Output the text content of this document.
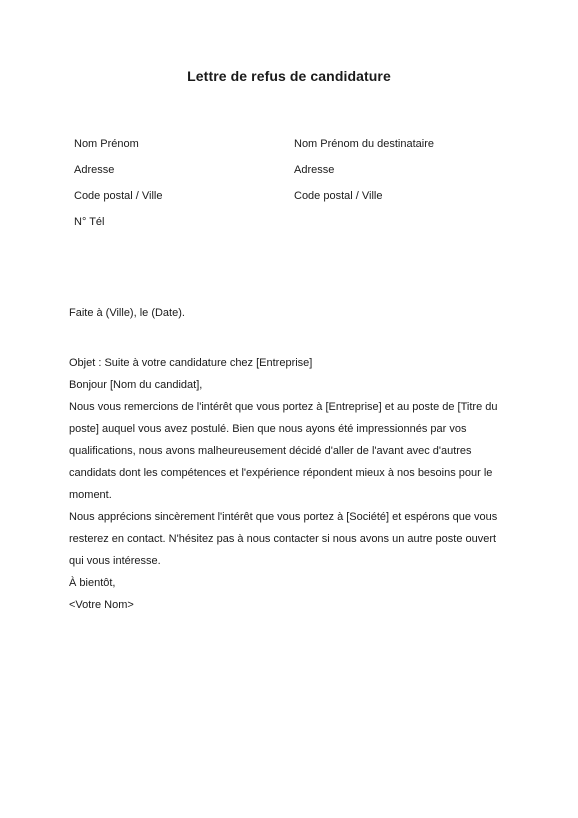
Lettre de refus de candidature
Nom Prénom
Adresse
Code postal / Ville
N° Tél
Nom Prénom du destinataire
Adresse
Code postal / Ville
Faite à (Ville), le (Date).

Objet : Suite à votre candidature chez [Entreprise]

Bonjour [Nom du candidat],

Nous vous remercions de l'intérêt que vous portez à [Entreprise] et au poste de [Titre du poste] auquel vous avez postulé. Bien que nous ayons été impressionnés par vos qualifications, nous avons malheureusement décidé d'aller de l'avant avec d'autres candidats dont les compétences et l'expérience répondent mieux à nos besoins pour le moment.

Nous apprécions sincèrement l'intérêt que vous portez à [Société] et espérons que vous resterez en contact. N'hésitez pas à nous contacter si nous avons un autre poste ouvert qui vous intéresse.

À bientôt,

<Votre Nom>
